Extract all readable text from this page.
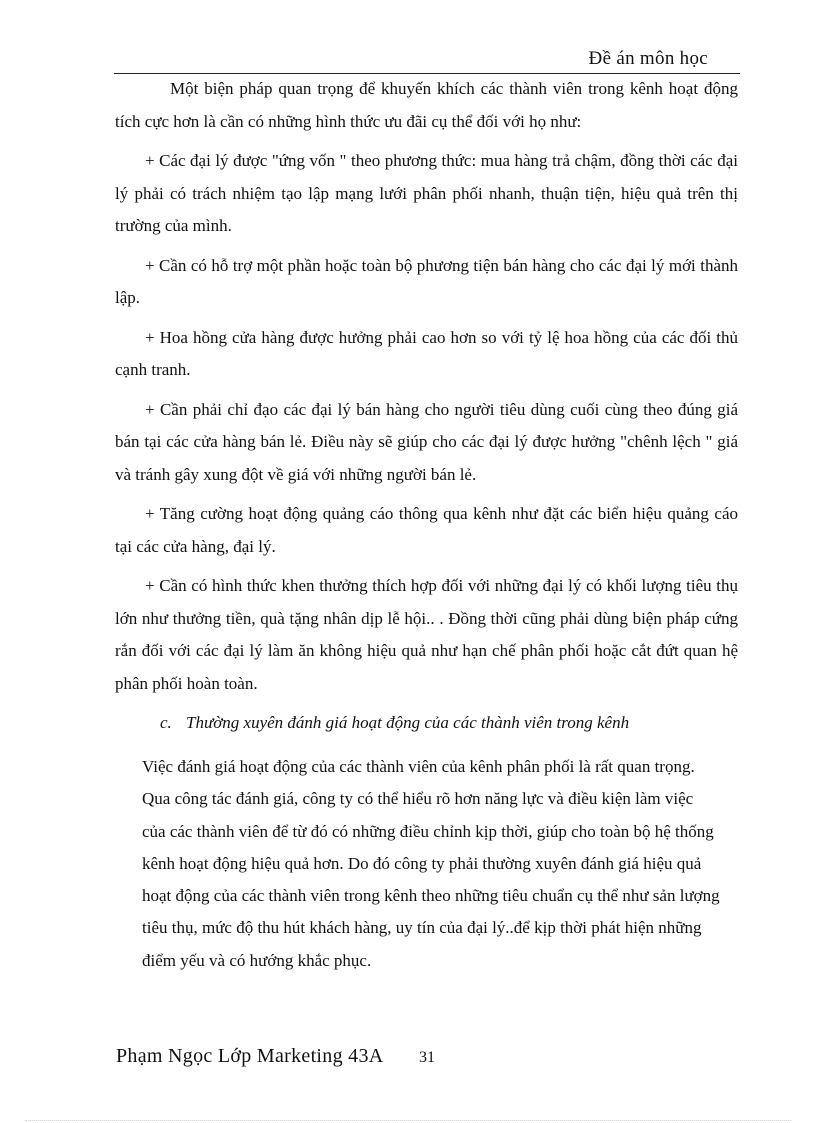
Đề án môn học

Một biện pháp quan trọng để khuyến khích các thành viên trong kênh hoạt động tích cực hơn là cần có những hình thức ưu đãi cụ thể đối với họ như:

+ Các đại lý được "ứng vốn " theo phương thức: mua hàng trả chậm, đồng thời các đại lý phải có trách nhiệm tạo lập mạng lưới phân phối nhanh, thuận tiện, hiệu quả trên thị trường của mình.

+ Cần có hỗ trợ một phần hoặc toàn bộ phương tiện bán hàng cho các đại lý mới thành lập.

+ Hoa hồng cửa hàng được hưởng phải cao hơn so với tỷ lệ hoa hồng của các đối thủ cạnh tranh.

+ Cần phải chỉ đạo các đại lý bán hàng cho người tiêu dùng cuối cùng theo đúng giá bán tại các cửa hàng bán lẻ. Điều này sẽ giúp cho các đại lý được hưởng "chênh lệch " giá và tránh gây xung đột về giá với những người bán lẻ.

+ Tăng cường hoạt động quảng cáo thông qua kênh như đặt các biển hiệu quảng cáo tại các cửa hàng, đại lý.

+ Cần có hình thức khen thưởng thích hợp đối với những đại lý có khối lượng tiêu thụ lớn như thưởng tiền, quà tặng nhân dịp lễ hội.. . Đồng thời cũng phải dùng biện pháp cứng rắn đối với các đại lý làm ăn không hiệu quả như hạn chế phân phối hoặc cắt đứt quan hệ phân phối hoàn toàn.

c. Thường xuyên đánh giá hoạt động của các thành viên trong kênh

Việc đánh giá hoạt động của các thành viên của kênh phân phối là rất quan trọng. Qua công tác đánh giá, công ty có thể hiểu rõ hơn năng lực và điều kiện làm việc của các thành viên để từ đó có những điều chỉnh kịp thời, giúp cho toàn bộ hệ thống kênh hoạt động hiệu quả hơn. Do đó công ty phải thường xuyên đánh giá hiệu quả hoạt động của các thành viên trong kênh theo những tiêu chuẩn cụ thể như sản lượng tiêu thụ, mức độ thu hút khách hàng, uy tín của đại lý..để kịp thời phát hiện những điểm yếu và có hướng khắc phục.

Phạm Ngọc Lớp Marketing 43A 31
